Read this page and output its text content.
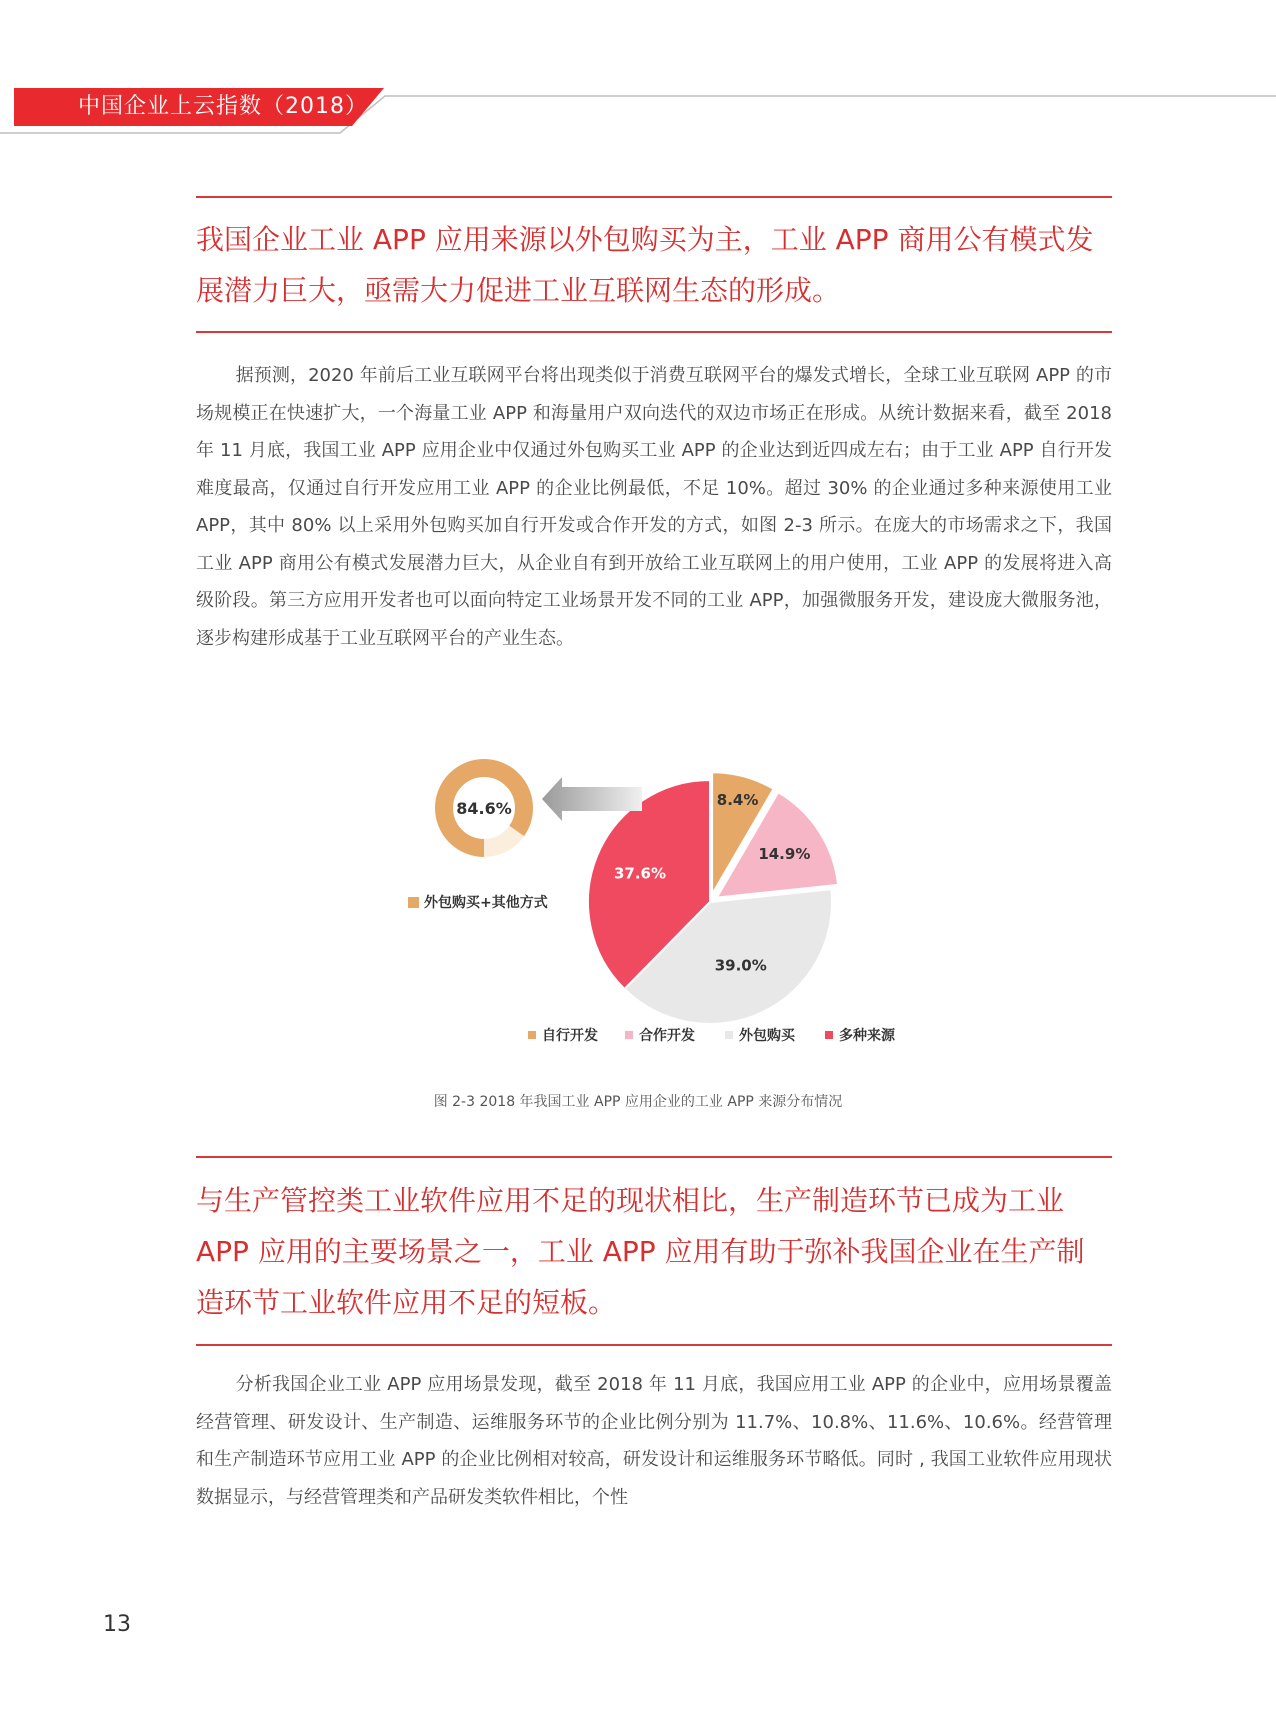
中国企业上云指数（2018）
我国企业工业 APP 应用来源以外包购买为主，工业 APP 商用公有模式发展潜力巨大，亟需大力促进工业互联网生态的形成。

据预测，2020 年前后工业互联网平台将出现类似于消费互联网平台的爆发式增长，全球工业互联网 APP 的市场规模正在快速扩大，一个海量工业 APP 和海量用户双向迭代的双边市场正在形成。从统计数据来看，截至 2018 年 11 月底，我国工业 APP 应用企业中仅通过外包购买工业 APP 的企业达到近四成左右；由于工业 APP 自行开发难度最高，仅通过自行开发应用工业 APP 的企业比例最低，不足 10%。超过 30% 的企业通过多种来源使用工业 APP，其中 80% 以上采用外包购买加自行开发或合作开发的方式，如图 2-3 所示。在庞大的市场需求之下，我国工业 APP 商用公有模式发展潜力巨大，从企业自有到开放给工业互联网上的用户使用，工业 APP 的发展将进入高级阶段。第三方应用开发者也可以面向特定工业场景开发不同的工业 APP，加强微服务开发，建设庞大微服务池，逐步构建形成基于工业互联网平台的产业生态。

8.4%
14.9%
39.0%
37.6%
84.6%
外包购买+其他方式
自行开发	合作开发	外包购买	多种来源
图 2-3 2018 年我国工业 APP 应用企业的工业 APP 来源分布情况
与生产管控类工业软件应用不足的现状相比，生产制造环节已成为工业 APP 应用的主要场景之一，工业 APP 应用有助于弥补我国企业在生产制造环节工业软件应用不足的短板。

分析我国企业工业 APP 应用场景发现，截至 2018 年 11 月底，我国应用工业 APP 的企业中，应用场景覆盖经营管理、研发设计、生产制造、运维服务环节的企业比例分别为 11.7%、10.8%、11.6%、10.6%。经营管理和生产制造环节应用工业 APP 的企业比例相对较高，研发设计和运维服务环节略低。同时 , 我国工业软件应用现状数据显示，与经营管理类和产品研发类软件相比，个性

13
